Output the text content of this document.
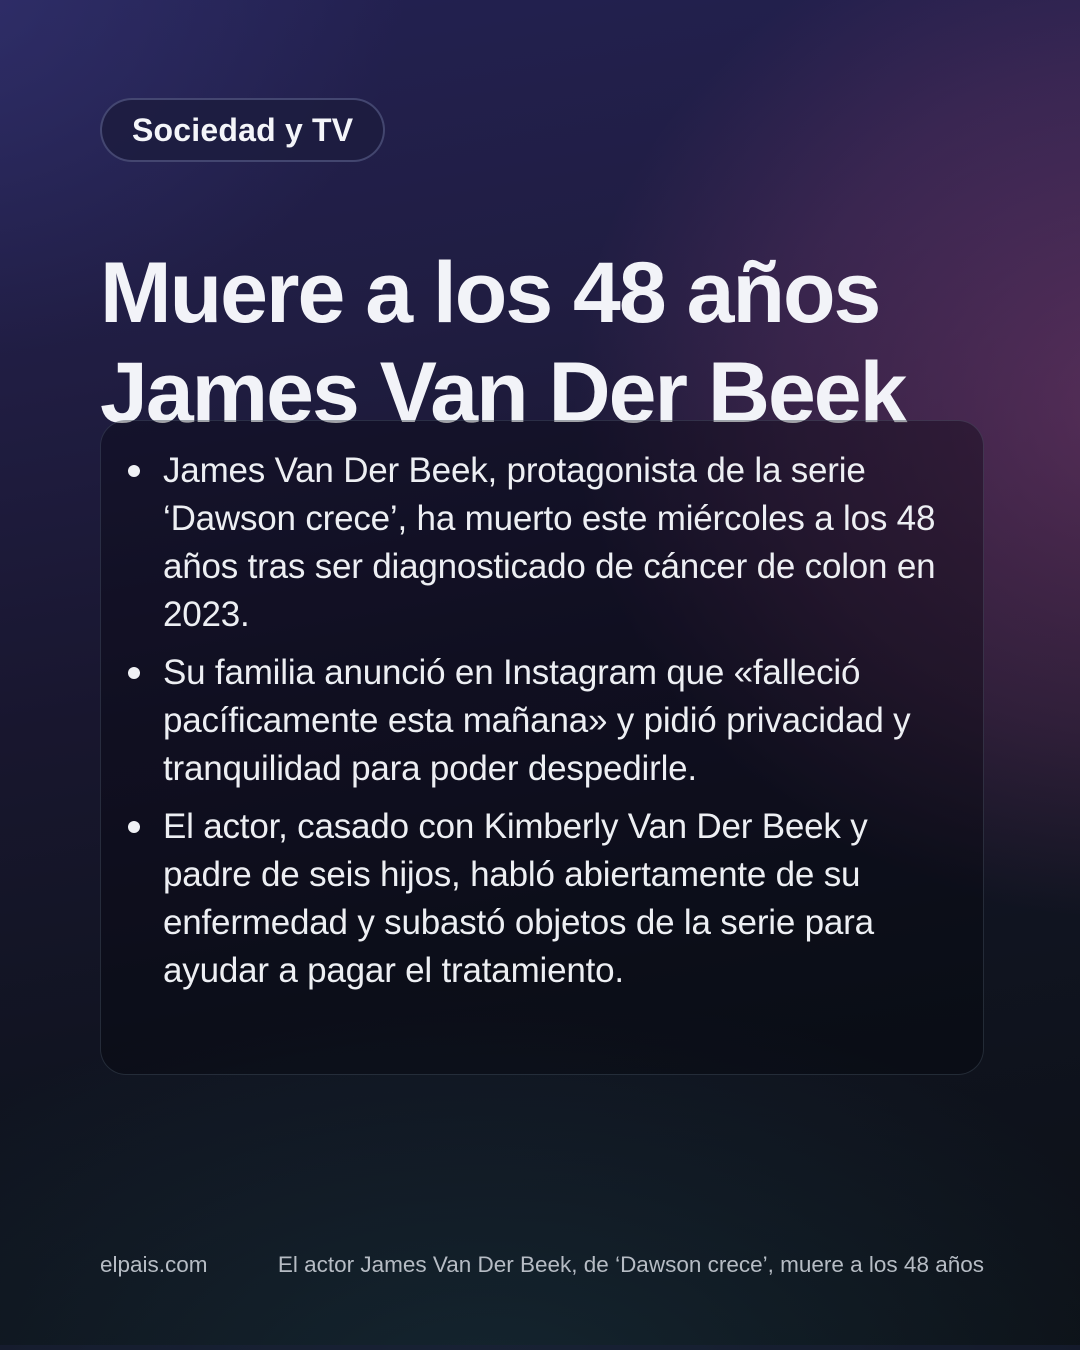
Sociedad y TV
Muere a los 48 años
James Van Der Beek
James Van Der Beek, protagonista de la serie ‘Dawson crece’, ha muerto este miércoles a los 48 años tras ser diagnosticado de cáncer de colon en 2023.
Su familia anunció en Instagram que «falleció pacíficamente esta mañana» y pidió privacidad y tranquilidad para poder despedirle.
El actor, casado con Kimberly Van Der Beek y padre de seis hijos, habló abiertamente de su enfermedad y subastó objetos de la serie para ayudar a pagar el tratamiento.
elpais.com	El actor James Van Der Beek, de ‘Dawson crece’, muere a los 48 años
